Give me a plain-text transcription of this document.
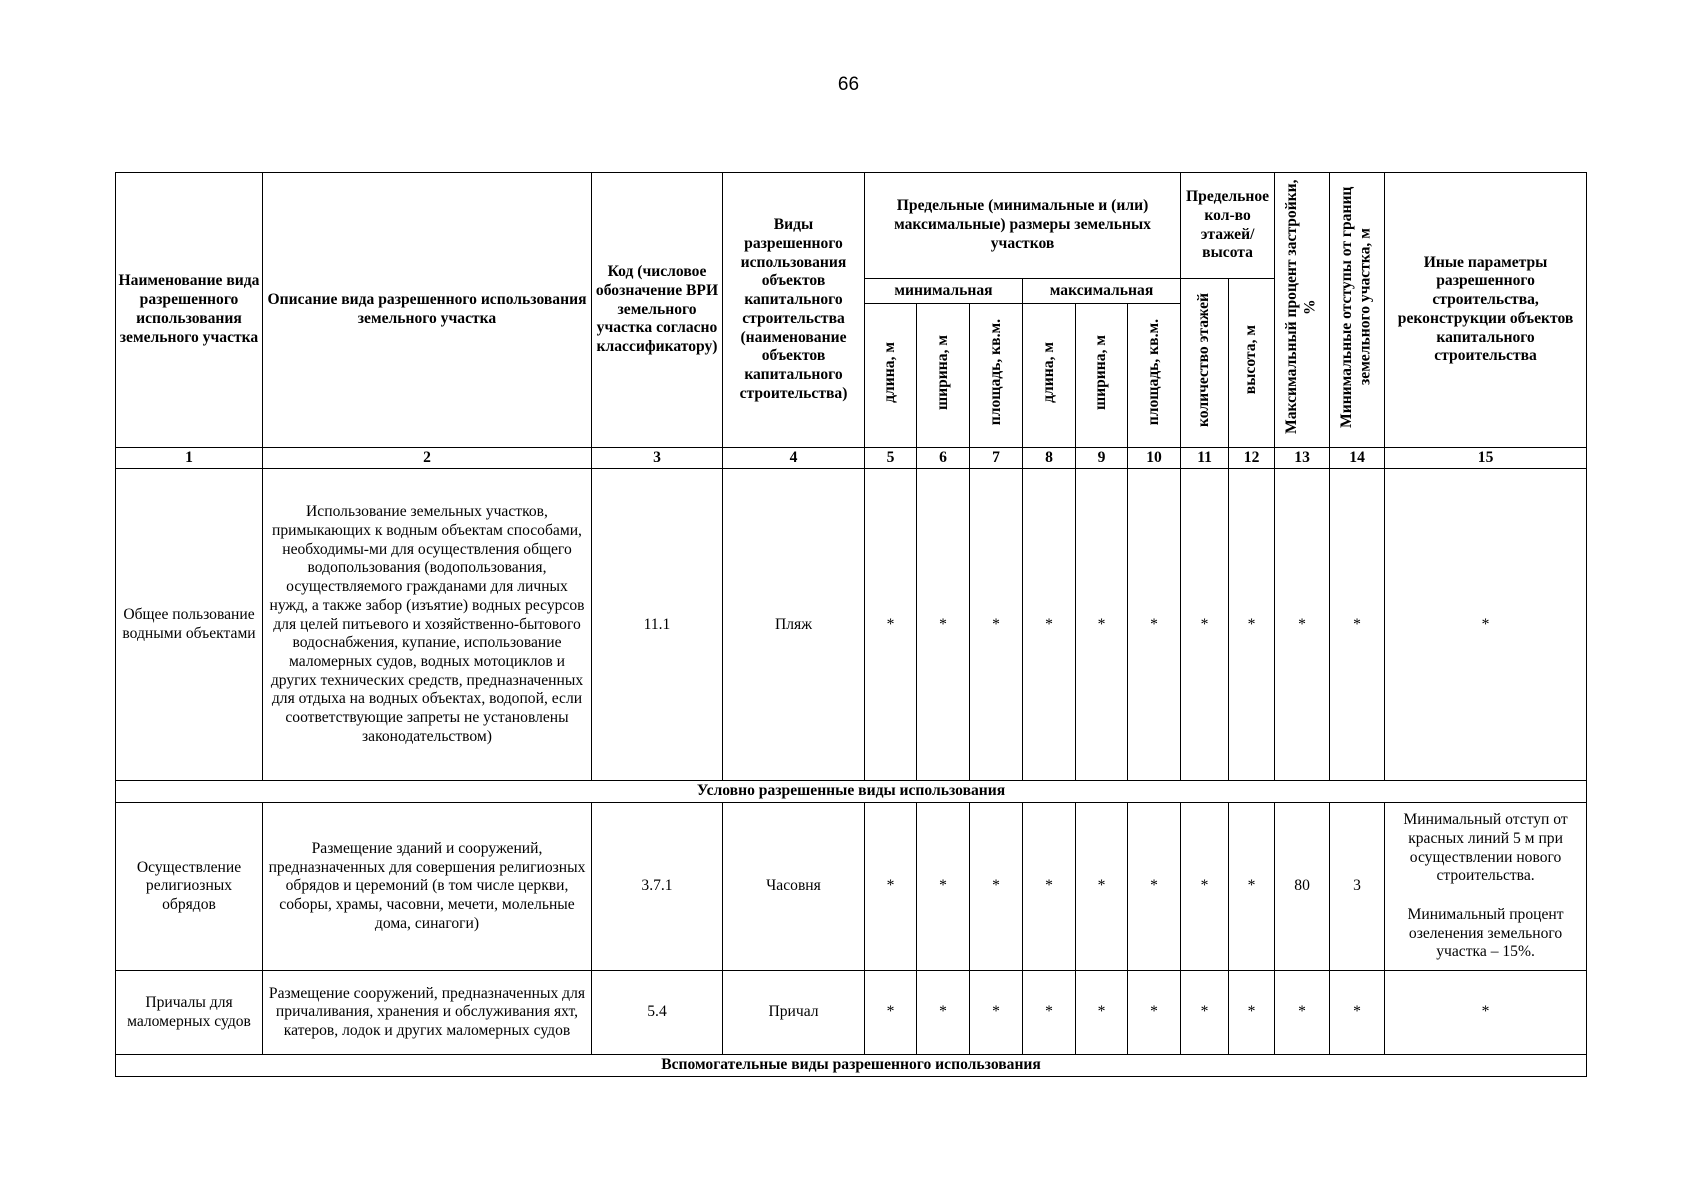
66
Наименование вида разрешенного использования земельного участка	Описание вида разрешенного использования земельного участка	Код (числовое обозначение ВРИ земельного участка согласно классификатору)	Виды разрешенного использования объектов капитального строительства (наименование объектов капитального строительства)	Предельные (минимальные и (или) максимальные) размеры земельных участков						Предельное кол-во этажей/ высота		Максимальный процент застройки, %	Минимальные отступы от границ земельного участка, м	Иные параметры разрешенного строительства, реконструкции объектов капитального строительства
				минимальная			максимальная			количество этажей	высота, м			
				длина, м	ширина, м	площадь, кв.м.	длина, м	ширина, м	площадь, кв.м.					
1	2	3	4	5	6	7	8	9	10	11	12	13	14	15
Общее пользование водными объектами	Использование земельных участков, примыкающих к водным объектам способами, необходимы-ми для осуществления общего водопользования (водопользования, осуществляемого гражданами для личных нужд, а также забор (изъятие) водных ресурсов для целей питьевого и хозяйственно-бытового водоснабжения, купание, использование маломерных судов, водных мотоциклов и других технических средств, предназначенных для отдыха на водных объектах, водопой, если соответствующие запреты не установлены законодательством)	11.1	Пляж	*	*	*	*	*	*	*	*	*	*	*
Условно разрешенные виды использования														
Осуществление религиозных обрядов	Размещение зданий и сооружений, предназначенных для совершения религиозных обрядов и церемоний (в том числе церкви, соборы, храмы, часовни, мечети, молельные дома, синагоги)	3.7.1	Часовня	*	*	*	*	*	*	*	*	80	3	Минимальный отступ от красных линий 5 м при осуществлении нового строительства.
Минимальный процент озеленения земельного участка – 15%.

Причалы для маломерных судов	Размещение сооружений, предназначенных для причаливания, хранения и обслуживания яхт, катеров, лодок и других маломерных судов	5.4	Причал	*	*	*	*	*	*	*	*	*	*	*
Вспомогательные виды разрешенного использования														
